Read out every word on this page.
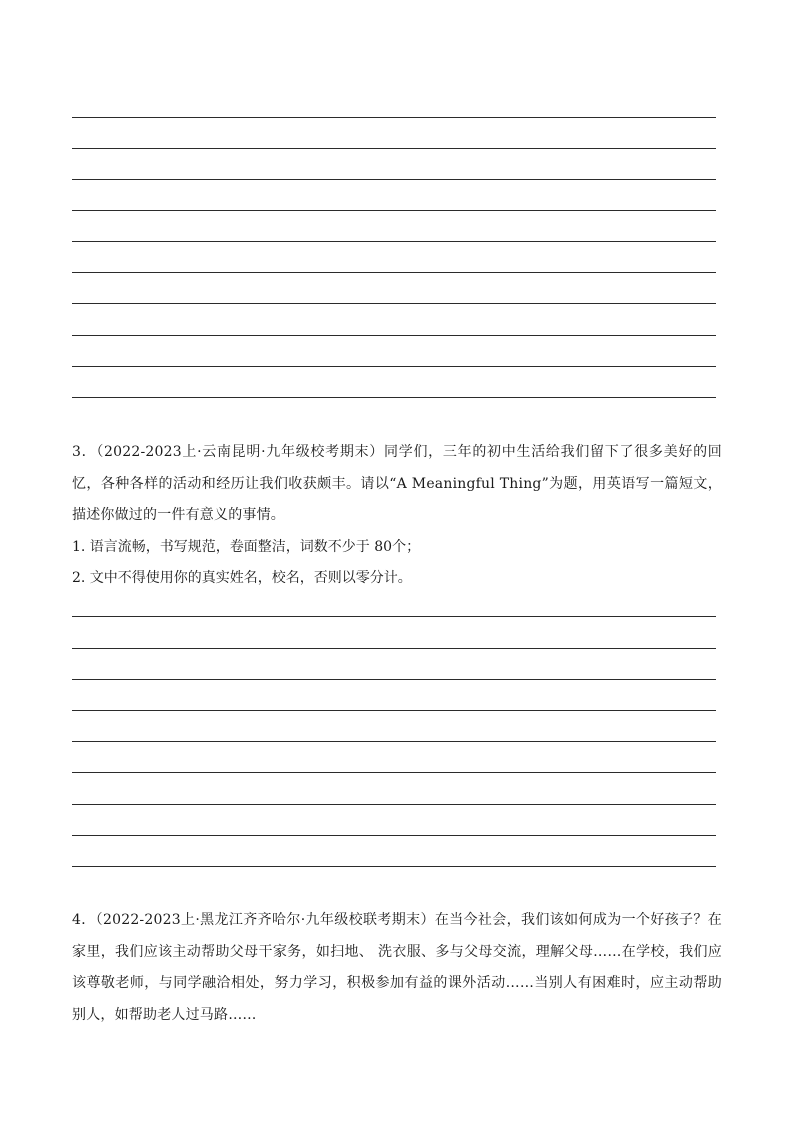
3．（2022-2023上·云南昆明·九年级校考期末）同学们，三年的初中生活给我们留下了很多美好的回忆，各种各样的活动和经历让我们收获颇丰。请以“A Meaningful Thing”为题，用英语写一篇短文，描述你做过的一件有意义的事情。

1. 语言流畅，书写规范，卷面整洁，词数不少于 80个；

2. 文中不得使用你的真实姓名，校名，否则以零分计。

4．（2022-2023上·黑龙江齐齐哈尔·九年级校联考期末）在当今社会，我们该如何成为一个好孩子？在家里，我们应该主动帮助父母干家务，如扫地、 洗衣服、多与父母交流，理解父母……在学校，我们应该尊敬老师，与同学融洽相处，努力学习，积极参加有益的课外活动……当别人有困难时，应主动帮助别人，如帮助老人过马路……
